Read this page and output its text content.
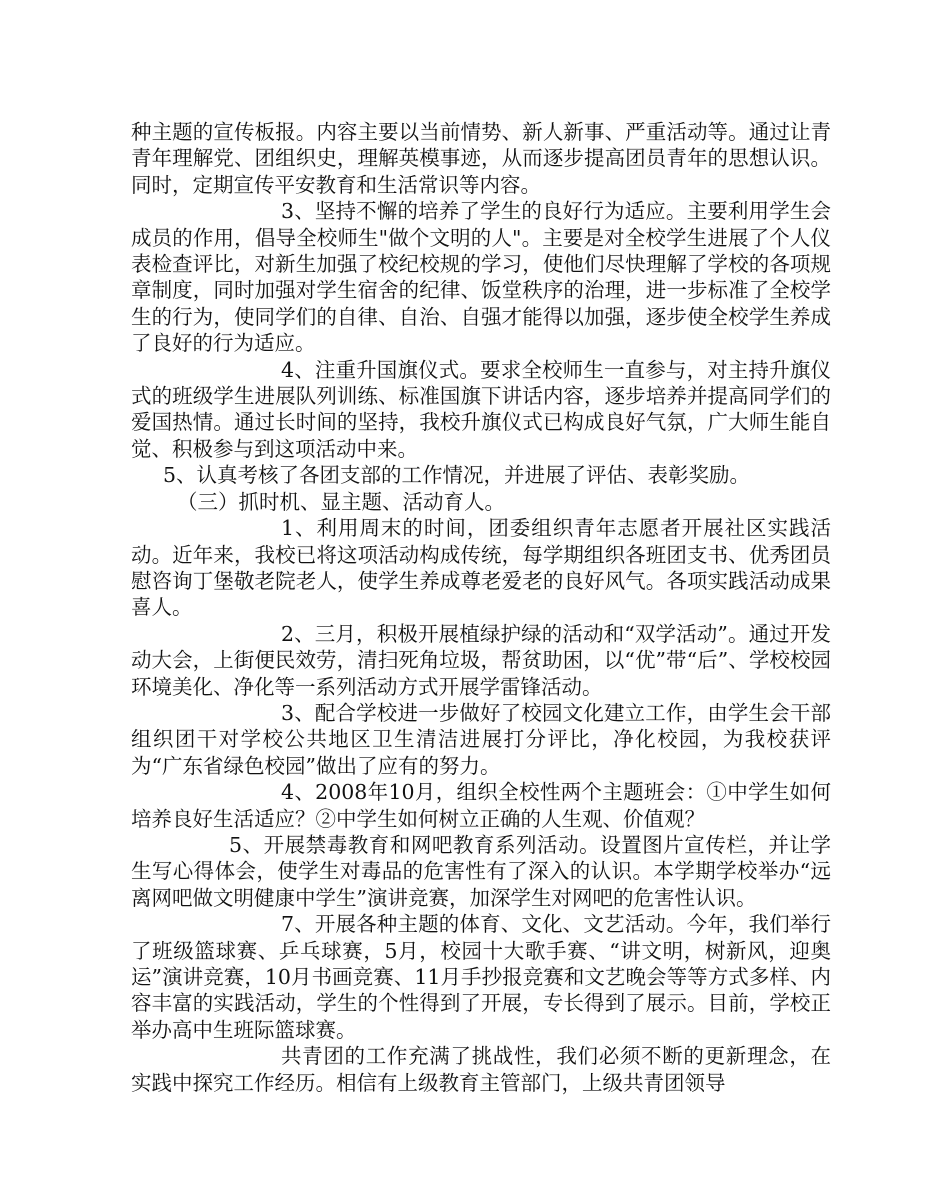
种主题的宣传板报。内容主要以当前情势、新人新事、严重活动等。通过让青青年理解党、团组织史，理解英模事迹，从而逐步提高团员青年的思想认识。同时，定期宣传平安教育和生活常识等内容。

3、坚持不懈的培养了学生的良好行为适应。主要利用学生会成员的作用，倡导全校师生"做个文明的人"。主要是对全校学生进展了个人仪表检查评比，对新生加强了校纪校规的学习，使他们尽快理解了学校的各项规章制度，同时加强对学生宿舍的纪律、饭堂秩序的治理，进一步标准了全校学生的行为，使同学们的自律、自治、自强才能得以加强，逐步使全校学生养成了良好的行为适应。

4、注重升国旗仪式。要求全校师生一直参与，对主持升旗仪式的班级学生进展队列训练、标准国旗下讲话内容，逐步培养并提高同学们的爱国热情。通过长时间的坚持，我校升旗仪式已构成良好气氛，广大师生能自觉、积极参与到这项活动中来。

5、认真考核了各团支部的工作情况，并进展了评估、表彰奖励。

（三）抓时机、显主题、活动育人。

1、利用周末的时间，团委组织青年志愿者开展社区实践活动。近年来，我校已将这项活动构成传统，每学期组织各班团支书、优秀团员慰咨询丁堡敬老院老人，使学生养成尊老爱老的良好风气。各项实践活动成果喜人。

2、三月，积极开展植绿护绿的活动和“双学活动”。通过开发动大会，上街便民效劳，清扫死角垃圾，帮贫助困，以“优”带“后”、学校校园环境美化、净化等一系列活动方式开展学雷锋活动。

3、配合学校进一步做好了校园文化建立工作，由学生会干部组织团干对学校公共地区卫生清洁进展打分评比，净化校园，为我校获评为“广东省绿色校园”做出了应有的努力。

4、2008年10月，组织全校性两个主题班会：①中学生如何培养良好生活适应？②中学生如何树立正确的人生观、价值观？

5、开展禁毒教育和网吧教育系列活动。设置图片宣传栏，并让学生写心得体会，使学生对毒品的危害性有了深入的认识。本学期学校举办“远离网吧做文明健康中学生”演讲竞赛，加深学生对网吧的危害性认识。

7、开展各种主题的体育、文化、文艺活动。今年，我们举行了班级篮球赛、乒乓球赛，5月，校园十大歌手赛、“讲文明，树新风，迎奥运”演讲竞赛，10月书画竞赛、11月手抄报竞赛和文艺晚会等等方式多样、内容丰富的实践活动，学生的个性得到了开展，专长得到了展示。目前，学校正举办高中生班际篮球赛。

共青团的工作充满了挑战性，我们必须不断的更新理念，在实践中探究工作经历。相信有上级教育主管部门，上级共青团领导
